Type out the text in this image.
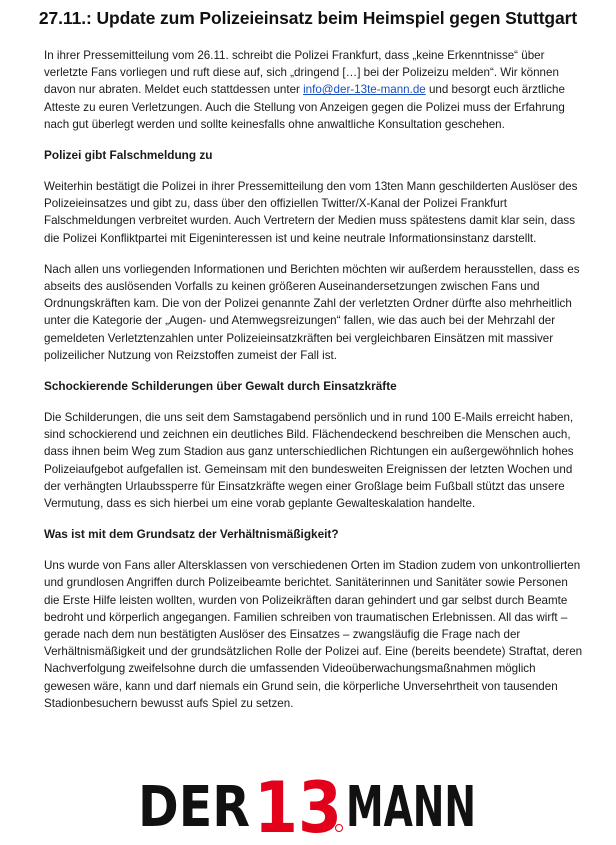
27.11.: Update zum Polizeieinsatz beim Heimspiel gegen Stuttgart

In ihrer Pressemitteilung vom 26.11. schreibt die Polizei Frankfurt, dass „keine Erkenntnisse“ über verletzte Fans vorliegen und ruft diese auf, sich „dringend […] bei der Polizeizu melden“. Wir können davon nur abraten. Meldet euch stattdessen unter info@der-13te-mann.de und besorgt euch ärztliche Atteste zu euren Verletzungen. Auch die Stellung von Anzeigen gegen die Polizei muss der Erfahrung nach gut überlegt werden und sollte keinesfalls ohne anwaltliche Konsultation geschehen.

Polizei gibt Falschmeldung zu

Weiterhin bestätigt die Polizei in ihrer Pressemitteilung den vom 13ten Mann geschilderten Auslöser des Polizeieinsatzes und gibt zu, dass über den offiziellen Twitter/X-Kanal der Polizei Frankfurt Falschmeldungen verbreitet wurden. Auch Vertretern der Medien muss spätestens damit klar sein, dass die Polizei Konfliktpartei mit Eigeninteressen ist und keine neutrale Informationsinstanz darstellt.

Nach allen uns vorliegenden Informationen und Berichten möchten wir außerdem herausstellen, dass es abseits des auslösenden Vorfalls zu keinen größeren Auseinandersetzungen zwischen Fans und Ordnungskräften kam. Die von der Polizei genannte Zahl der verletzten Ordner dürfte also mehrheitlich unter die Kategorie der „Augen- und Atemwegsreizungen“ fallen, wie das auch bei der Mehrzahl der gemeldeten Verletztenzahlen unter Polizeieinsatzkräften bei vergleichbaren Einsätzen mit massiver polizeilicher Nutzung von Reizstoffen zumeist der Fall ist.

Schockierende Schilderungen über Gewalt durch Einsatzkräfte

Die Schilderungen, die uns seit dem Samstagabend persönlich und in rund 100 E-Mails erreicht haben, sind schockierend und zeichnen ein deutliches Bild. Flächendeckend beschreiben die Menschen auch, dass ihnen beim Weg zum Stadion aus ganz unterschiedlichen Richtungen ein außergewöhnlich hohes Polizeiaufgebot aufgefallen ist. Gemeinsam mit den bundesweiten Ereignissen der letzten Wochen und der verhängten Urlaubssperre für Einsatzkräfte wegen einer Großlage beim Fußball stützt das unsere Vermutung, dass es sich hierbei um eine vorab geplante Gewalteskalation handelte.

Was ist mit dem Grundsatz der Verhältnismäßigkeit?

Uns wurde von Fans aller Altersklassen von verschiedenen Orten im Stadion zudem von unkontrollierten und grundlosen Angriffen durch Polizeibeamte berichtet. Sanitäterinnen und Sanitäter sowie Personen die Erste Hilfe leisten wollten, wurden von Polizeikräften daran gehindert und gar selbst durch Beamte bedroht und körperlich angegangen. Familien schreiben von traumatischen Erlebnissen. All das wirft – gerade nach dem nun bestätigten Auslöser des Einsatzes – zwangsläufig die Frage nach der Verhältnismäßigkeit und der grundsätzlichen Rolle der Polizei auf. Eine (bereits beendete) Straftat, deren Nachverfolgung zweifelsohne durch die umfassenden Videoüberwachungsmaßnahmen möglich gewesen wäre, kann und darf niemals ein Grund sein, die körperliche Unversehrtheit von tausenden Stadionbesuchern bewusst aufs Spiel zu setzen.

DER 13 MANN
